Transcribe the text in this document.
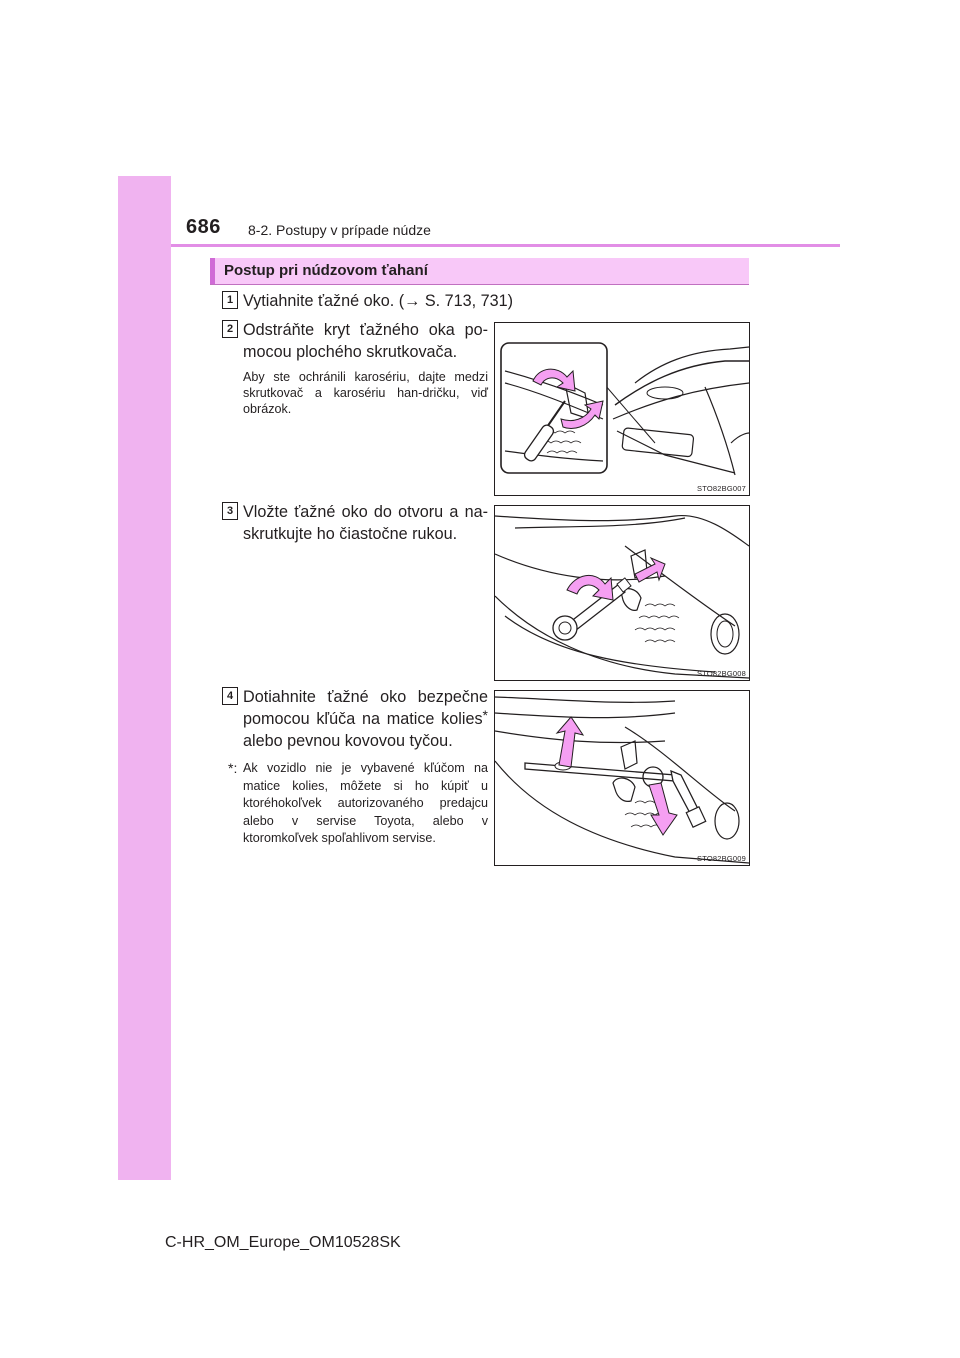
686 8-2. Postupy v prípade núdze
Postup pri núdzovom ťahaní
1 Vytiahnite ťažné oko. (→ S. 713, 731)
2 Odstráňte kryt ťažného oka po-mocou plochého skrutkovača.
Aby ste ochránili karosériu, dajte medzi skrutkovač a karosériu han-dričku, viď obrázok.
STO82BG007
3 Vložte ťažné oko do otvoru a na-skrutkujte ho čiastočne rukou.
STO82BG008
4 Dotiahnite ťažné oko bezpečne pomocou kľúča na matice kolies* alebo pevnou kovovou tyčou.
*: Ak vozidlo nie je vybavené kľúčom na matice kolies, môžete si ho kúpiť u ktoréhokoľvek autorizovaného predajcu alebo v servise Toyota, alebo v ktoromkoľvek spoľahlivom servise.
STO82BG009
C-HR_OM_Europe_OM10528SK
